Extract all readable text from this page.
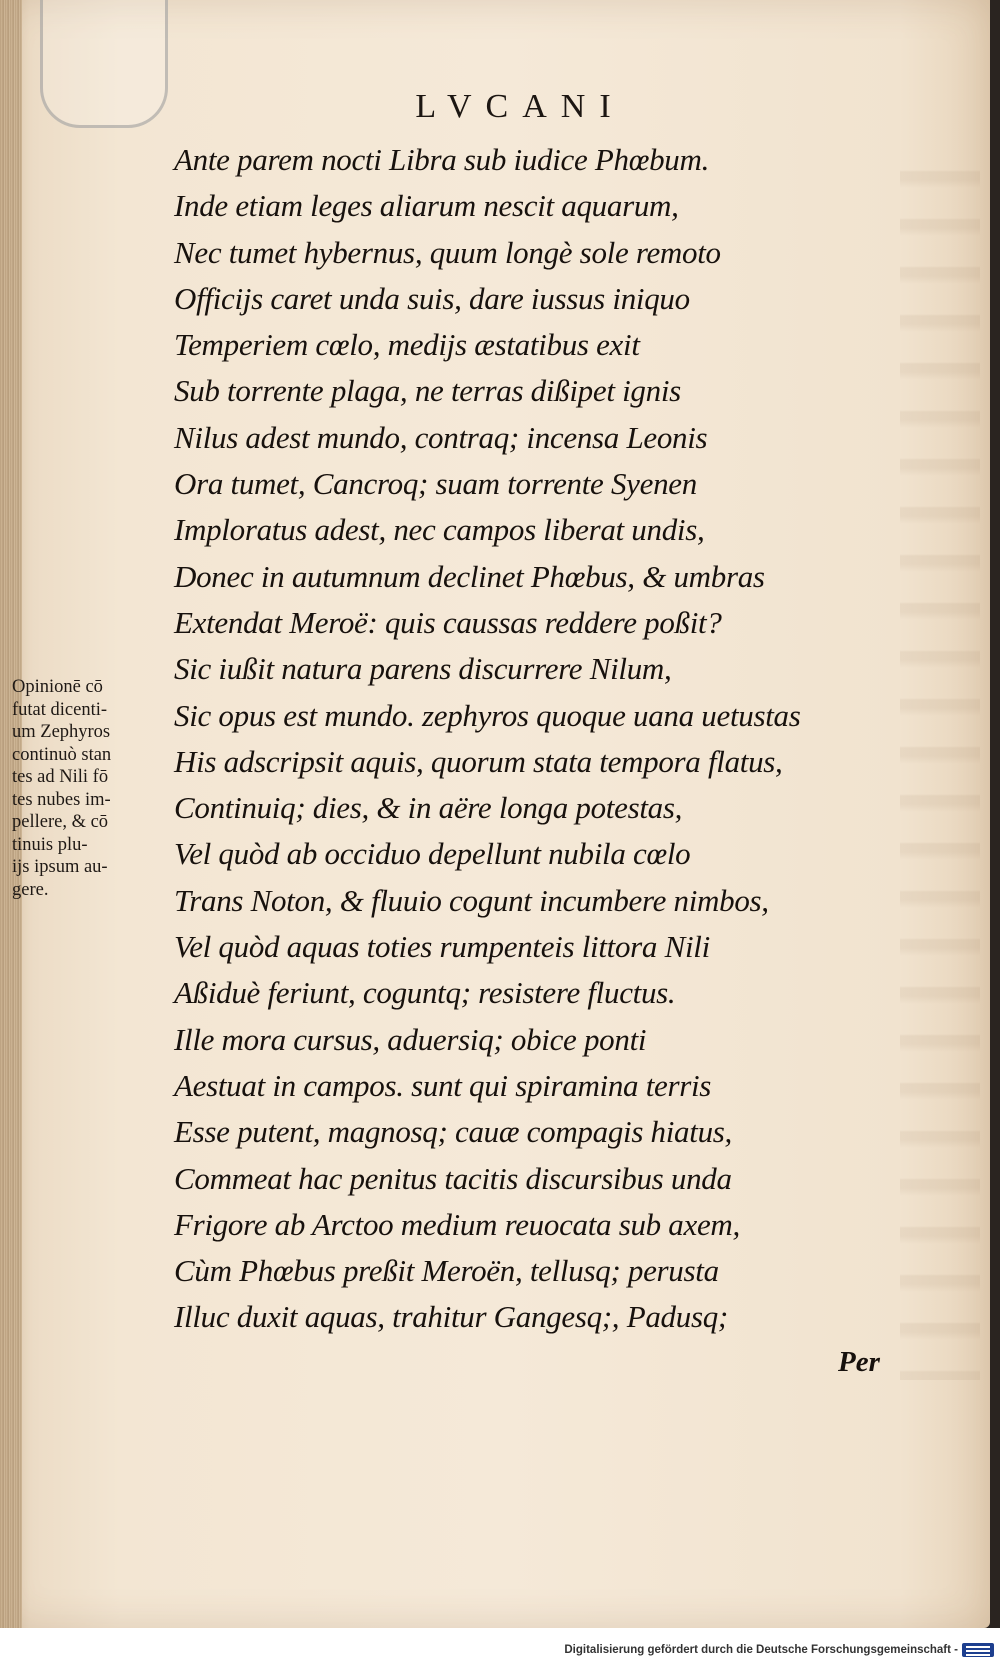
LVCANI
Ante parem nocti Libra sub iudice Phœbum.
Inde etiam leges aliarum nescit aquarum,
Nec tumet hybernus, quum longè sole remoto
Officijs caret unda suis, dare iussus iniquo
Temperiem cœlo, medijs æstatibus exit
Sub torrente plaga, ne terras dißipet ignis
Nilus adest mundo, contraq; incensa Leonis
Ora tumet, Cancroq; suam torrente Syenen
Imploratus adest, nec campos liberat undis,
Donec in autumnum declinet Phœbus, & umbras
Extendat Meroë: quis caussas reddere poßit?
Sic iußit natura parens discurrere Nilum,
Sic opus est mundo. zephyros quoque uana uetustas
His adscripsit aquis, quorum stata tempora flatus,
Continuiq; dies, & in aëre longa potestas,
Vel quòd ab occiduo depellunt nubila cœlo
Trans Noton, & fluuio cogunt incumbere nimbos,
Vel quòd aquas toties rumpenteis littora Nili
Aßiduè feriunt, coguntq; resistere fluctus.
Ille mora cursus, aduersiq; obice ponti
Aestuat in campos. sunt qui spiramina terris
Esse putent, magnosq; cauæ compagis hiatus,
Commeat hac penitus tacitis discursibus unda
Frigore ab Arctoo medium reuocata sub axem,
Cùm Phœbus preßit Meroën, tellusq; perusta
Illuc duxit aquas, trahitur Gangesq;, Padusq;
Opinionē cō
futat dicenti-
um Zephyros
continuò stan
tes ad Nili fō
tes nubes im-
pellere, & cō
tinuis plu-
ijs ipsum au-
gere.
Per
Digitalisierung gefördert durch die Deutsche Forschungsgemeinschaft -
